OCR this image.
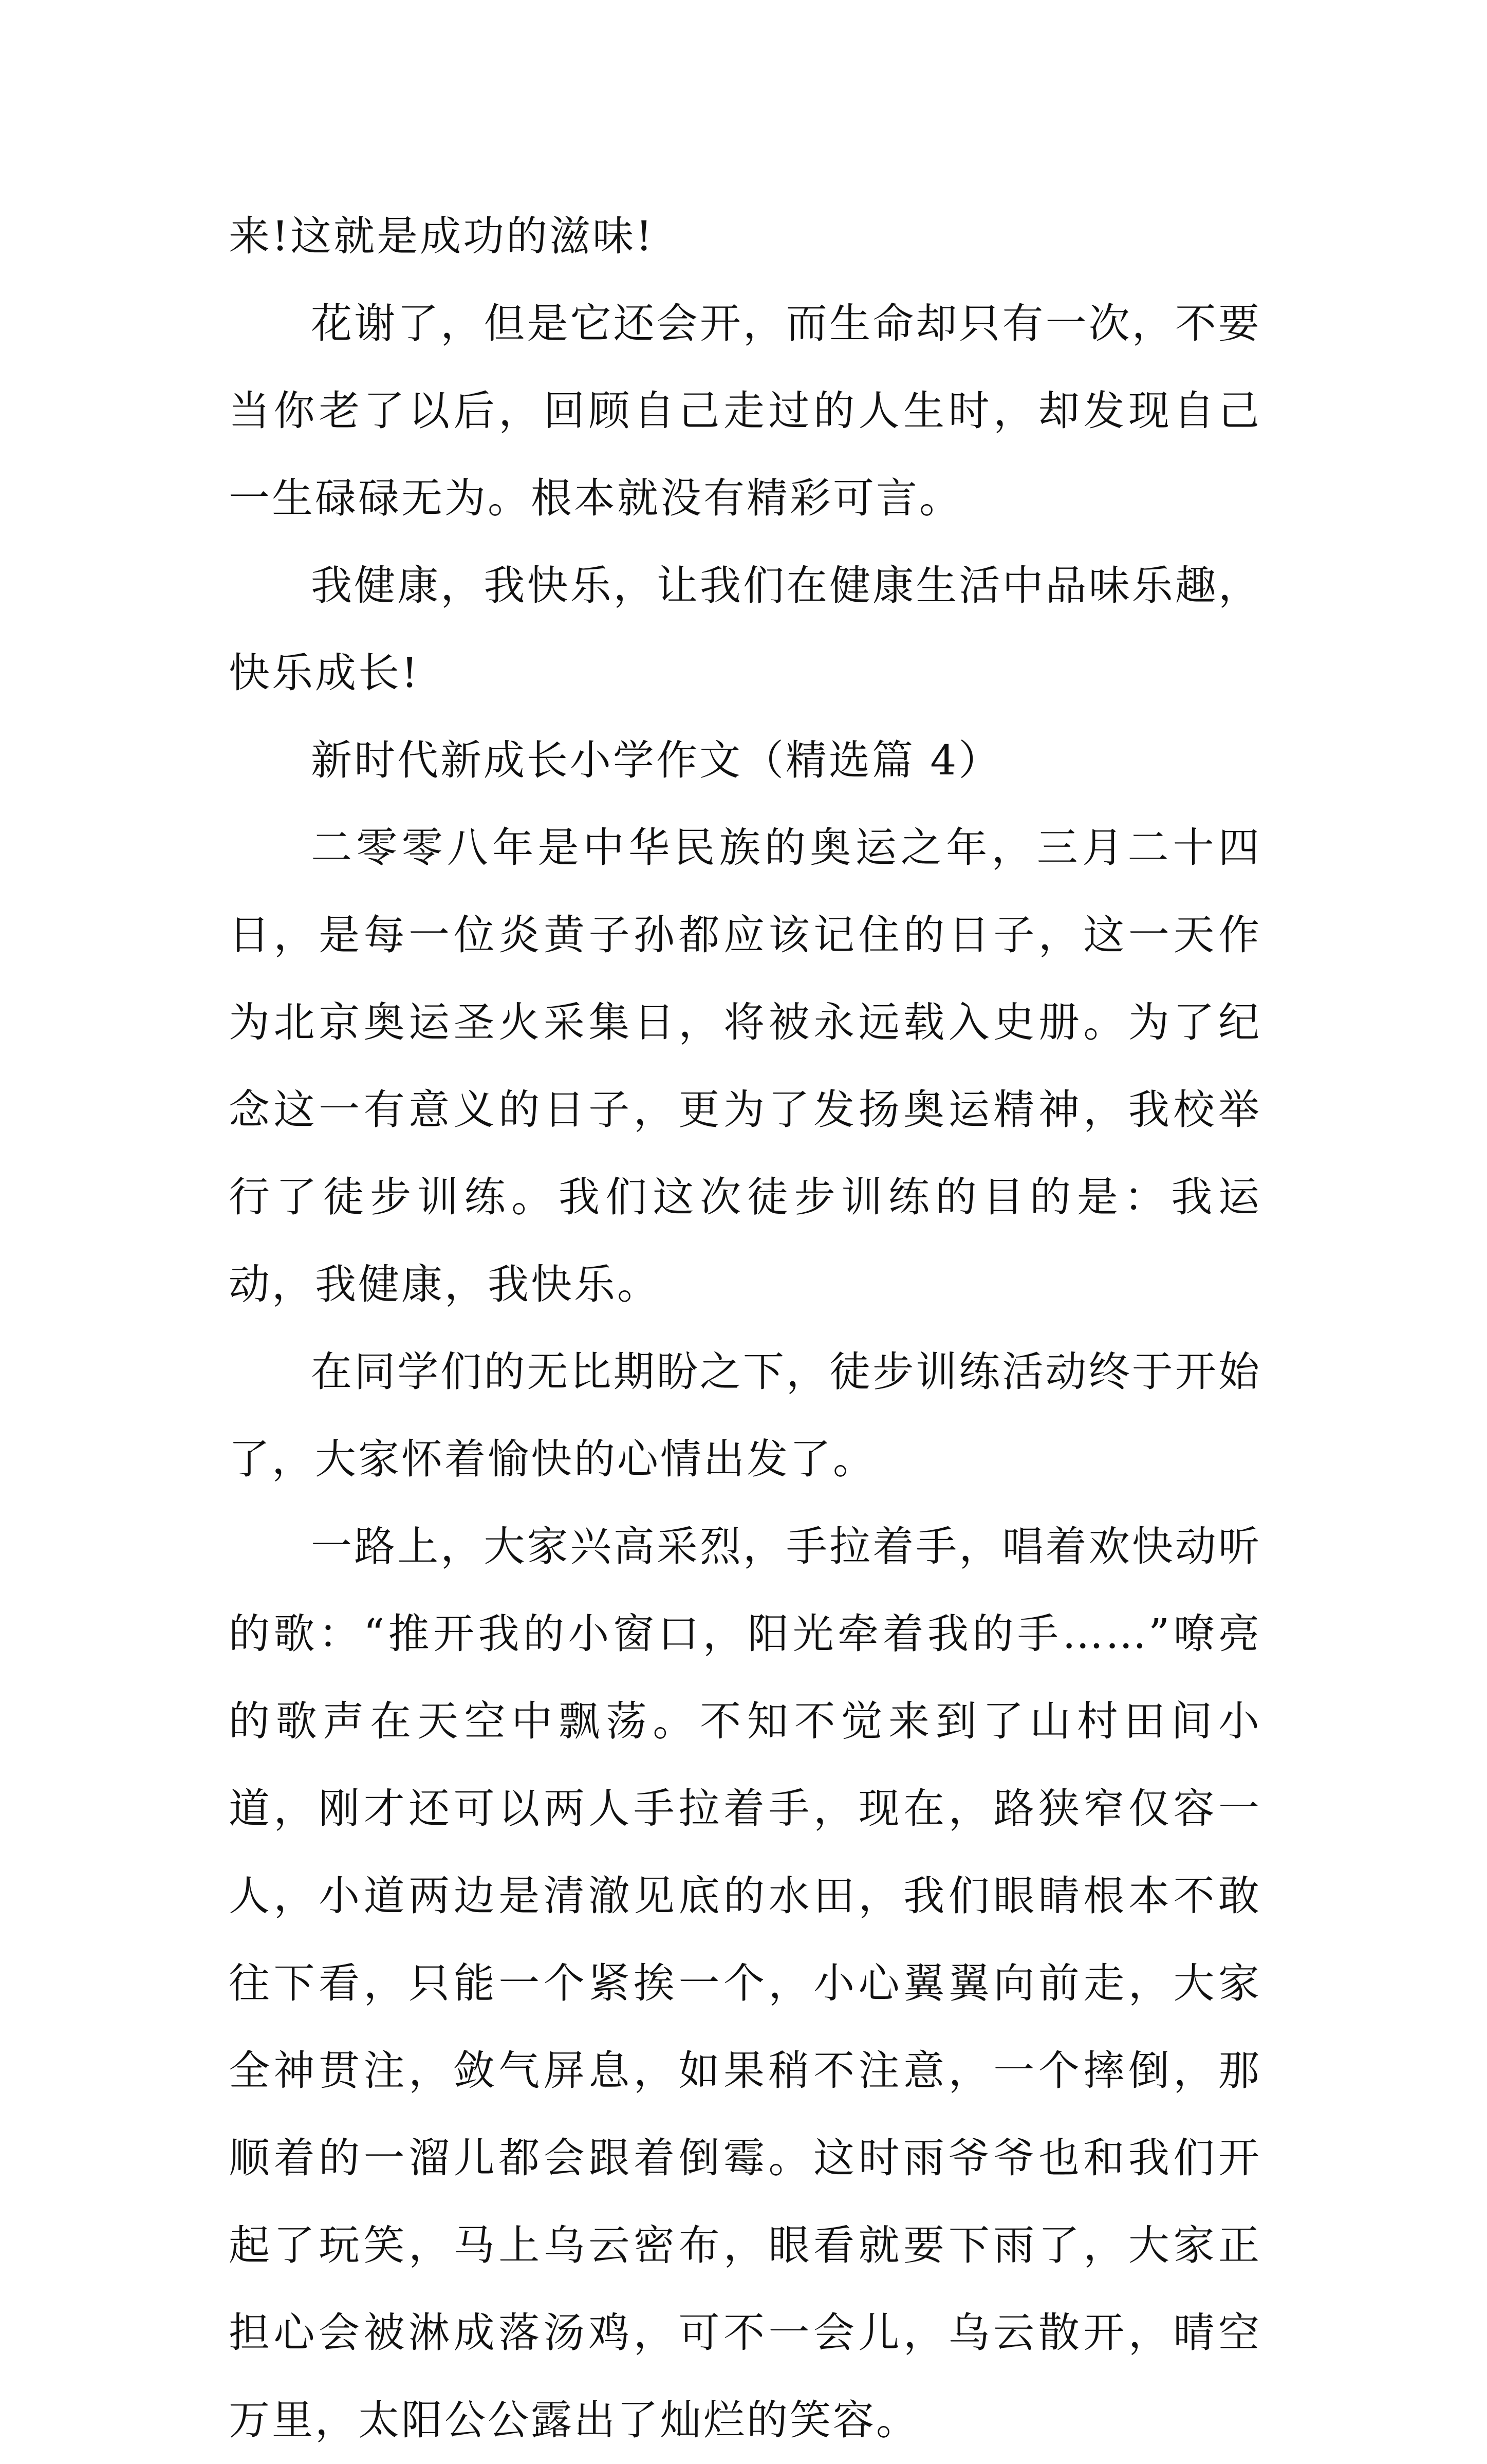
来!这就是成功的滋味!

花谢了，但是它还会开，而生命却只有一次，不要当你老了以后，回顾自己走过的人生时，却发现自己一生碌碌无为。根本就没有精彩可言。

我健康，我快乐，让我们在健康生活中品味乐趣，快乐成长!

新时代新成长小学作文（精选篇 4）

二零零八年是中华民族的奥运之年，三月二十四日，是每一位炎黄子孙都应该记住的日子，这一天作为北京奥运圣火采集日，将被永远载入史册。为了纪念这一有意义的日子，更为了发扬奥运精神，我校举行了徒步训练。我们这次徒步训练的目的是：我运动，我健康，我快乐。

在同学们的无比期盼之下，徒步训练活动终于开始了，大家怀着愉快的心情出发了。

一路上，大家兴高采烈，手拉着手，唱着欢快动听的歌：“推开我的小窗口，阳光牵着我的手……”嘹亮的歌声在天空中飘荡。不知不觉来到了山村田间小道，刚才还可以两人手拉着手，现在，路狭窄仅容一人，小道两边是清澈见底的水田，我们眼睛根本不敢往下看，只能一个紧挨一个，小心翼翼向前走，大家全神贯注，敛气屏息，如果稍不注意，一个摔倒，那顺着的一溜儿都会跟着倒霉。这时雨爷爷也和我们开起了玩笑，马上乌云密布，眼看就要下雨了，大家正担心会被淋成落汤鸡，可不一会儿，乌云散开，晴空万里，太阳公公露出了灿烂的笑容。
